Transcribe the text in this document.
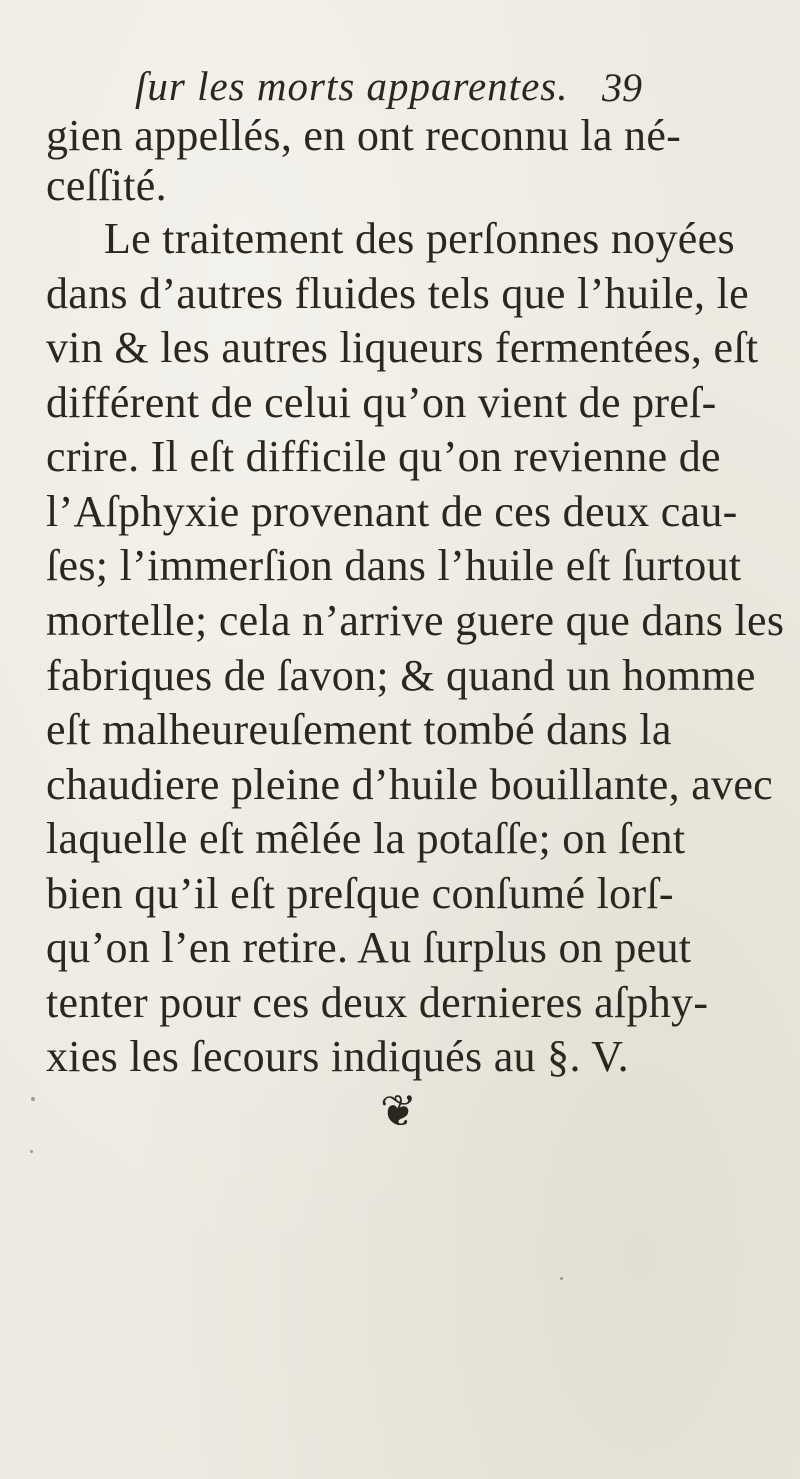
ſur les morts apparentes. 39
gien appellés, en ont reconnu la né-
ceſſité.
Le traitement des perſonnes noyées
dans d’autres fluides tels que l’huile, le
vin & les autres liqueurs fermentées, eſt
différent de celui qu’on vient de preſ-
crire. Il eſt difficile qu’on revienne de
l’Aſphyxie provenant de ces deux cau-
ſes; l’immerſion dans l’huile eſt ſurtout
mortelle; cela n’arrive guere que dans les
fabriques de ſavon; & quand un homme
eſt malheureuſement tombé dans la
chaudiere pleine d’huile bouillante, avec
laquelle eſt mêlée la potaſſe; on ſent
bien qu’il eſt preſque conſumé lorſ-
qu’on l’en retire. Au ſurplus on peut
tenter pour ces deux dernieres aſphy-
xies les ſecours indiqués au §. V.
❦
